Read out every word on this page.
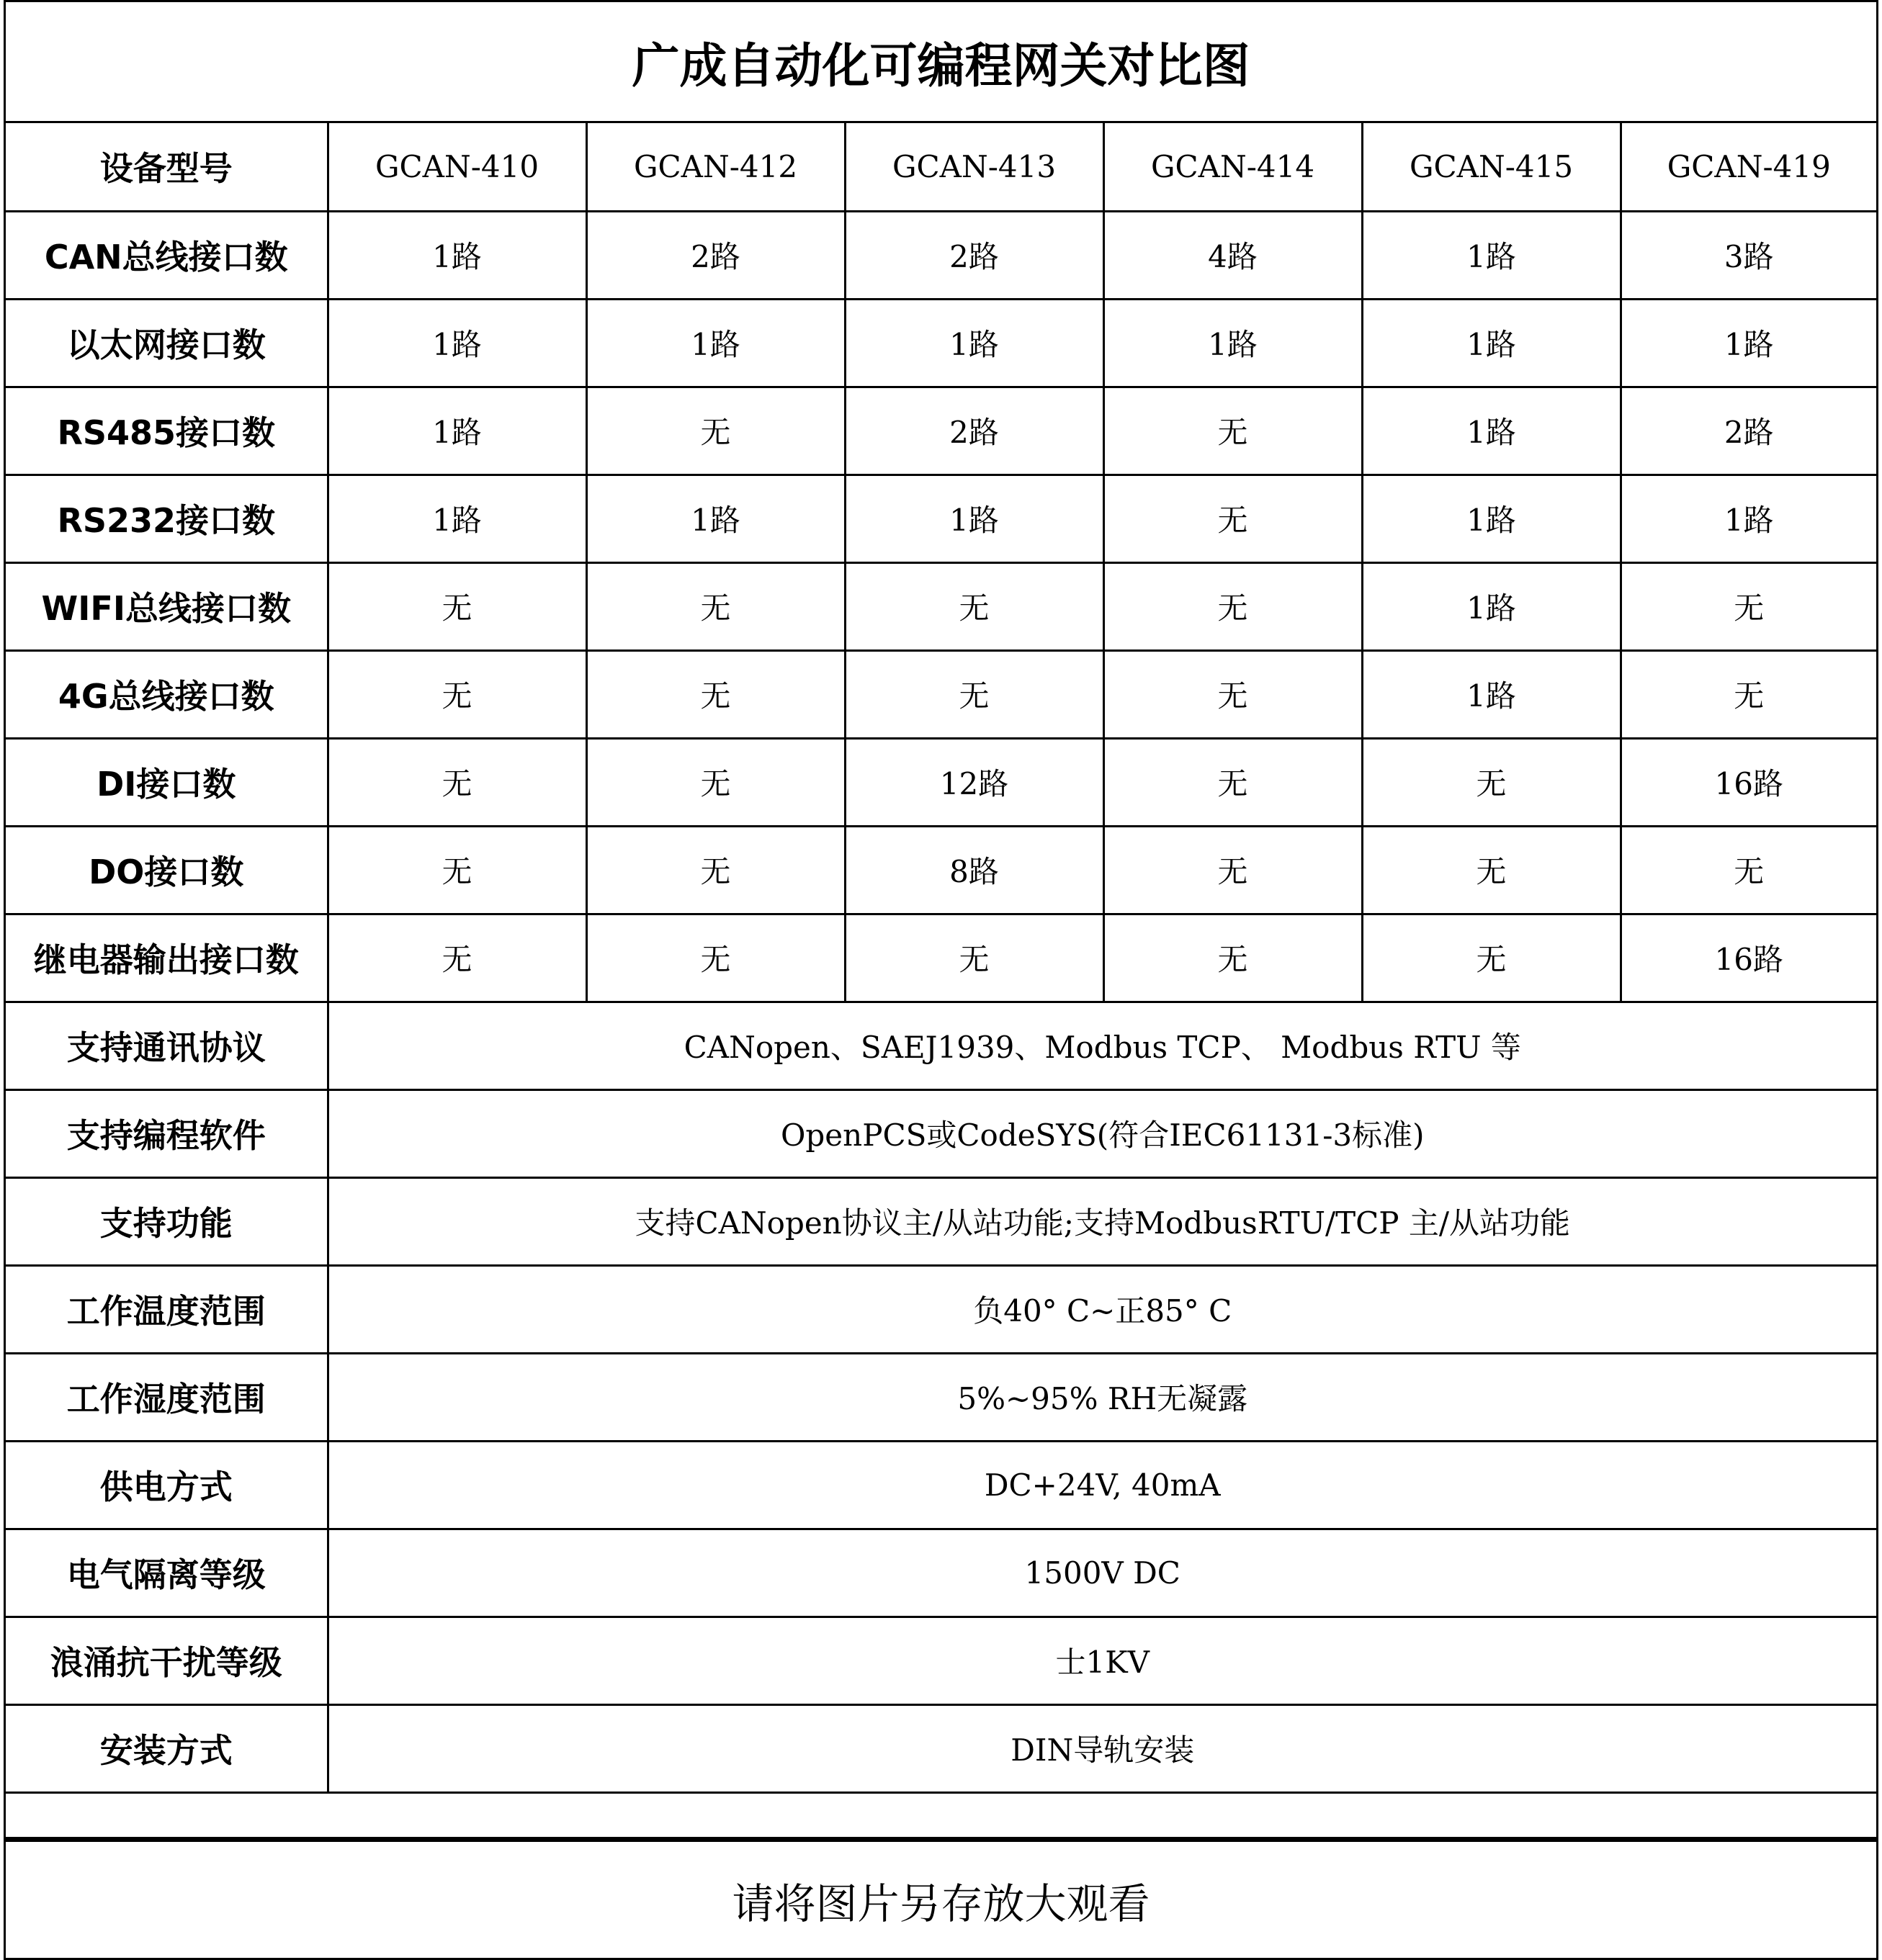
广成自动化可编程网关对比图
设备型号	GCAN-410	GCAN-412	GCAN-413	GCAN-414	GCAN-415	GCAN-419
CAN总线接口数	1路	2路	2路	4路	1路	3路
以太网接口数	1路	1路	1路	1路	1路	1路
RS485接口数	1路	无	2路	无	1路	2路
RS232接口数	1路	1路	1路	无	1路	1路
WIFI总线接口数	无	无	无	无	1路	无
4G总线接口数	无	无	无	无	1路	无
DI接口数	无	无	12路	无	无	16路
DO接口数	无	无	8路	无	无	无
继电器输出接口数	无	无	无	无	无	16路
支持通讯协议	CANopen、SAEJ1939、Modbus TCP、 Modbus RTU 等					
支持编程软件	OpenPCS或CodeSYS(符合IEC61131-3标准)					
支持功能	支持CANopen协议主/从站功能;支持ModbusRTU/TCP 主/从站功能					
工作温度范围	负40° C~正85° C					
工作湿度范围	5%~95% RH无凝露					
供电方式	DC+24V, 40mA					
电气隔离等级	1500V DC					
浪涌抗干扰等级	士1KV					
安装方式	DIN导轨安装					
请将图片另存放大观看
